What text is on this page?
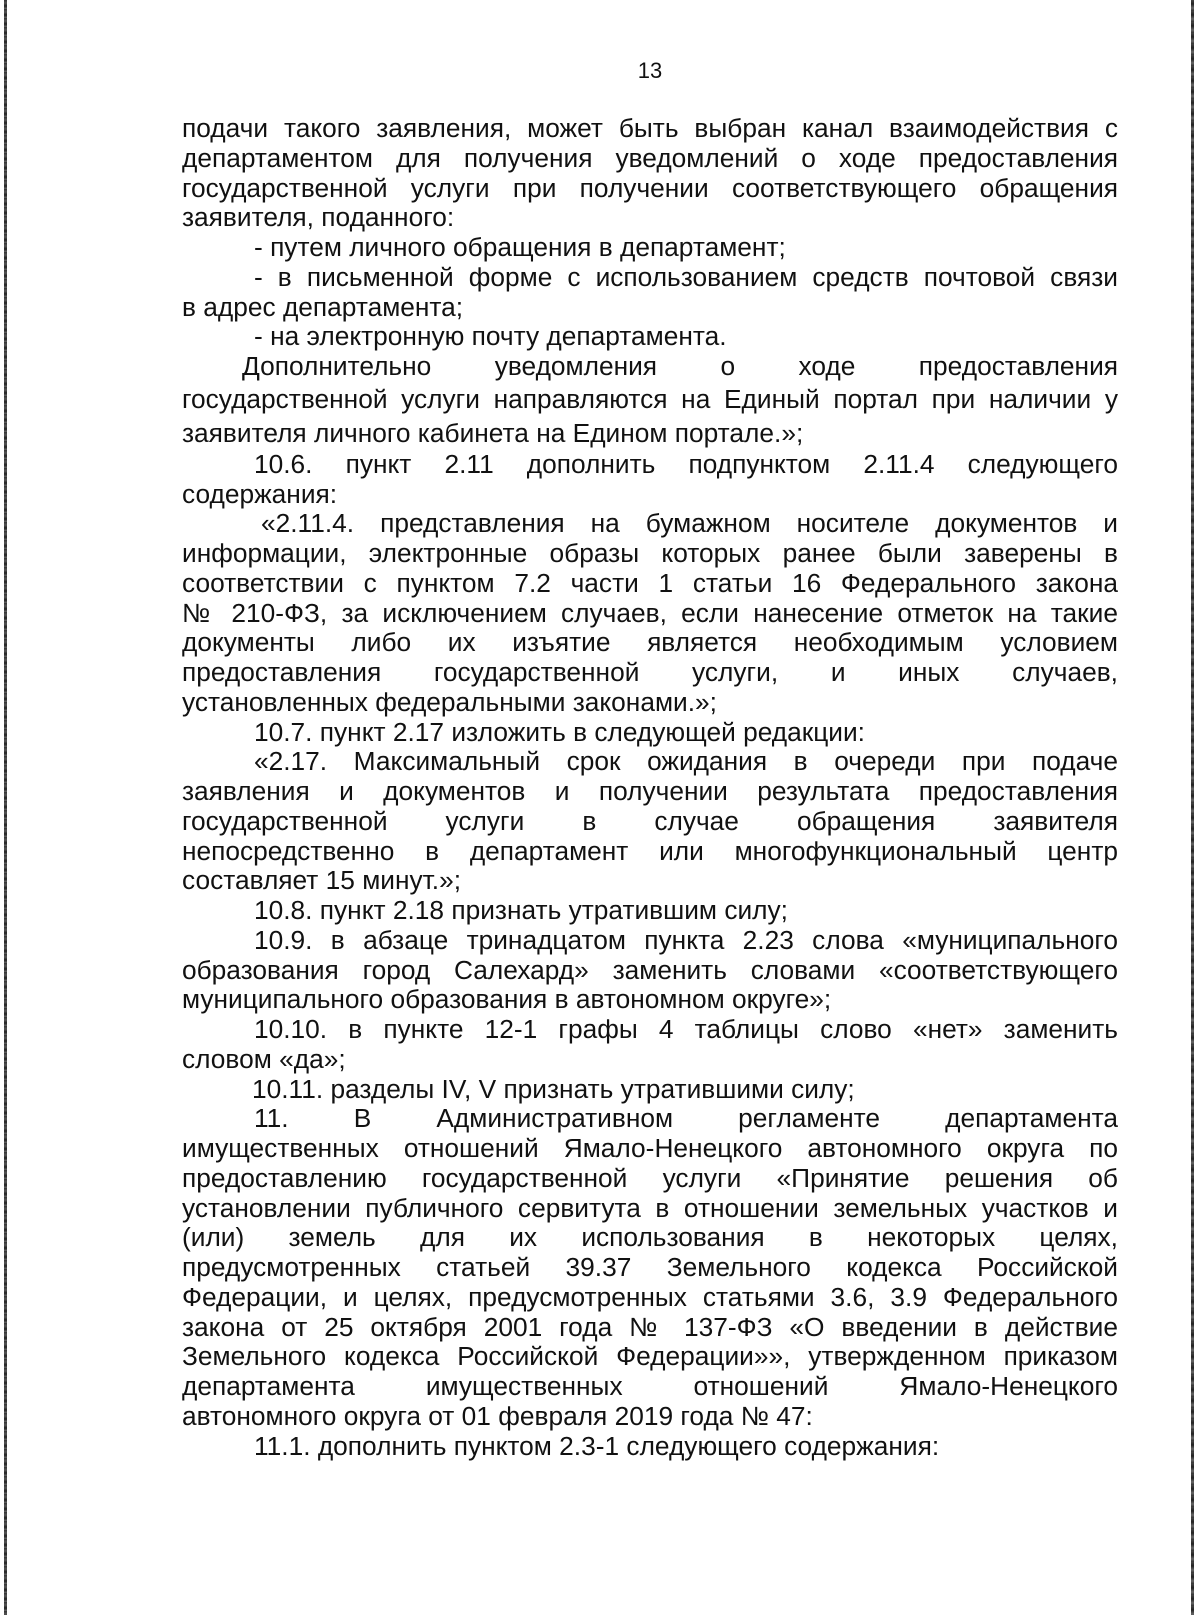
13
подачи такого заявления, может быть выбран канал взаимодействия с
департаментом для получения уведомлений о ходе предоставления
государственной услуги при получении соответствующего обращения
заявителя, поданного:
- путем личного обращения в департамент;
- в письменной форме с использованием средств почтовой связи
в адрес департамента;
- на электронную почту департамента.
Дополнительно уведомления о ходе предоставления
государственной услуги направляются на Единый портал при наличии у
заявителя личного кабинета на Едином портале.»;
10.6. пункт 2.11 дополнить подпунктом 2.11.4 следующего
содержания:
«2.11.4. представления на бумажном носителе документов и
информации, электронные образы которых ранее были заверены в
соответствии с пунктом 7.2 части 1 статьи 16 Федерального закона
№ 210-ФЗ, за исключением случаев, если нанесение отметок на такие
документы либо их изъятие является необходимым условием
предоставления государственной услуги, и иных случаев,
установленных федеральными законами.»;
10.7. пункт 2.17 изложить в следующей редакции:
«2.17. Максимальный срок ожидания в очереди при подаче
заявления и документов и получении результата предоставления
государственной услуги в случае обращения заявителя
непосредственно в департамент или многофункциональный центр
составляет 15 минут.»;
10.8. пункт 2.18 признать утратившим силу;
10.9. в абзаце тринадцатом пункта 2.23 слова «муниципального
образования город Салехард» заменить словами «соответствующего
муниципального образования в автономном округе»;
10.10. в пункте 12-1 графы 4 таблицы слово «нет» заменить
словом «да»;
10.11. разделы IV, V признать утратившими силу;
11. В Административном регламенте департамента
имущественных отношений Ямало-Ненецкого автономного округа по
предоставлению государственной услуги «Принятие решения об
установлении публичного сервитута в отношении земельных участков и
(или) земель для их использования в некоторых целях,
предусмотренных статьей 39.37 Земельного кодекса Российской
Федерации, и целях, предусмотренных статьями 3.6, 3.9 Федерального
закона от 25 октября 2001 года № 137-ФЗ «О введении в действие
Земельного кодекса Российской Федерации»», утвержденном приказом
департамента имущественных отношений Ямало-Ненецкого
автономного округа от 01 февраля 2019 года № 47:
11.1. дополнить пунктом 2.3-1 следующего содержания:
